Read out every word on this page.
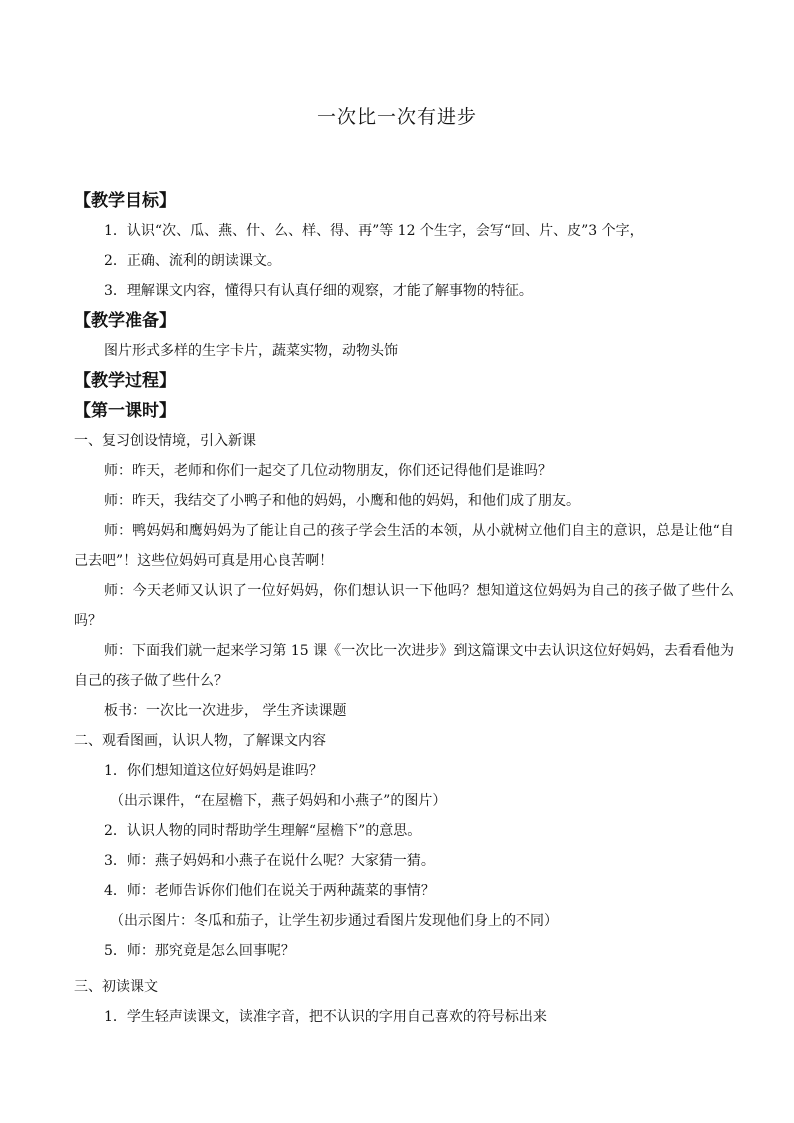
一次比一次有进步
【教学目标】
1．认识“次、瓜、燕、什、么、样、得、再”等 12 个生字，会写“回、片、皮”3 个字，
2．正确、流利的朗读课文。
3．理解课文内容，懂得只有认真仔细的观察，才能了解事物的特征。
【教学准备】
图片形式多样的生字卡片，蔬菜实物，动物头饰
【教学过程】
【第一课时】
一、复习创设情境，引入新课
师：昨天，老师和你们一起交了几位动物朋友，你们还记得他们是谁吗？
师：昨天，我结交了小鸭子和他的妈妈，小鹰和他的妈妈，和他们成了朋友。
师：鸭妈妈和鹰妈妈为了能让自己的孩子学会生活的本领，从小就树立他们自主的意识，总是让他“自己去吧”！这些位妈妈可真是用心良苦啊！
师：今天老师又认识了一位好妈妈，你们想认识一下他吗？想知道这位妈妈为自己的孩子做了些什么吗？
师：下面我们就一起来学习第 15 课《一次比一次进步》到这篇课文中去认识这位好妈妈，去看看他为自己的孩子做了些什么？
板书：一次比一次进步， 学生齐读课题
二、观看图画，认识人物，了解课文内容
1．你们想知道这位好妈妈是谁吗？
（出示课件，“在屋檐下，燕子妈妈和小燕子”的图片）
2．认识人物的同时帮助学生理解“屋檐下”的意思。
3．师：燕子妈妈和小燕子在说什么呢？大家猜一猜。
4．师：老师告诉你们他们在说关于两种蔬菜的事情？
（出示图片：冬瓜和茄子，让学生初步通过看图片发现他们身上的不同）
5．师：那究竟是怎么回事呢？
三、初读课文
1．学生轻声读课文，读准字音，把不认识的字用自己喜欢的符号标出来
